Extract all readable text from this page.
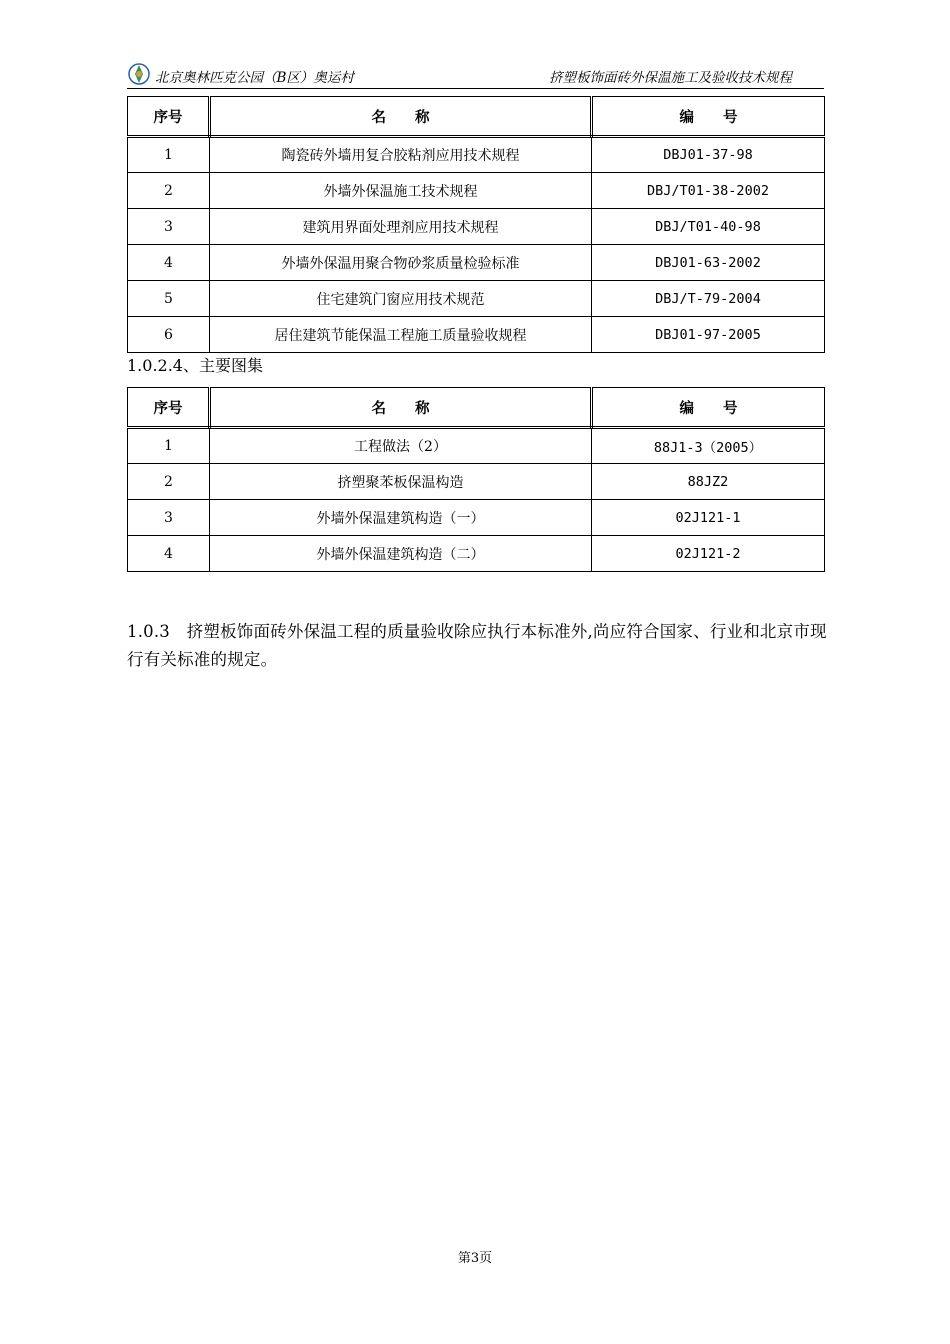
北京奥林匹克公园（B区）奥运村	挤塑板饰面砖外保温施工及验收技术规程
序号	名　　称	编　　号
1	陶瓷砖外墙用复合胶粘剂应用技术规程	DBJ01-37-98
2	外墙外保温施工技术规程	DBJ/T01-38-2002
3	建筑用界面处理剂应用技术规程	DBJ/T01-40-98
4	外墙外保温用聚合物砂浆质量检验标准	DBJ01-63-2002
5	住宅建筑门窗应用技术规范	DBJ/T-79-2004
6	居住建筑节能保温工程施工质量验收规程	DBJ01-97-2005
1.0.2.4、主要图集
序号	名　　称	编　　号
1	工程做法（2）	88J1-3（2005）
2	挤塑聚苯板保温构造	88JZ2
3	外墙外保温建筑构造（一）	02J121-1
4	外墙外保温建筑构造（二）	02J121-2

1.0.3　挤塑板饰面砖外保温工程的质量验收除应执行本标准外,尚应符合国家、行业和北京市现行有关标准的规定。

第3页
